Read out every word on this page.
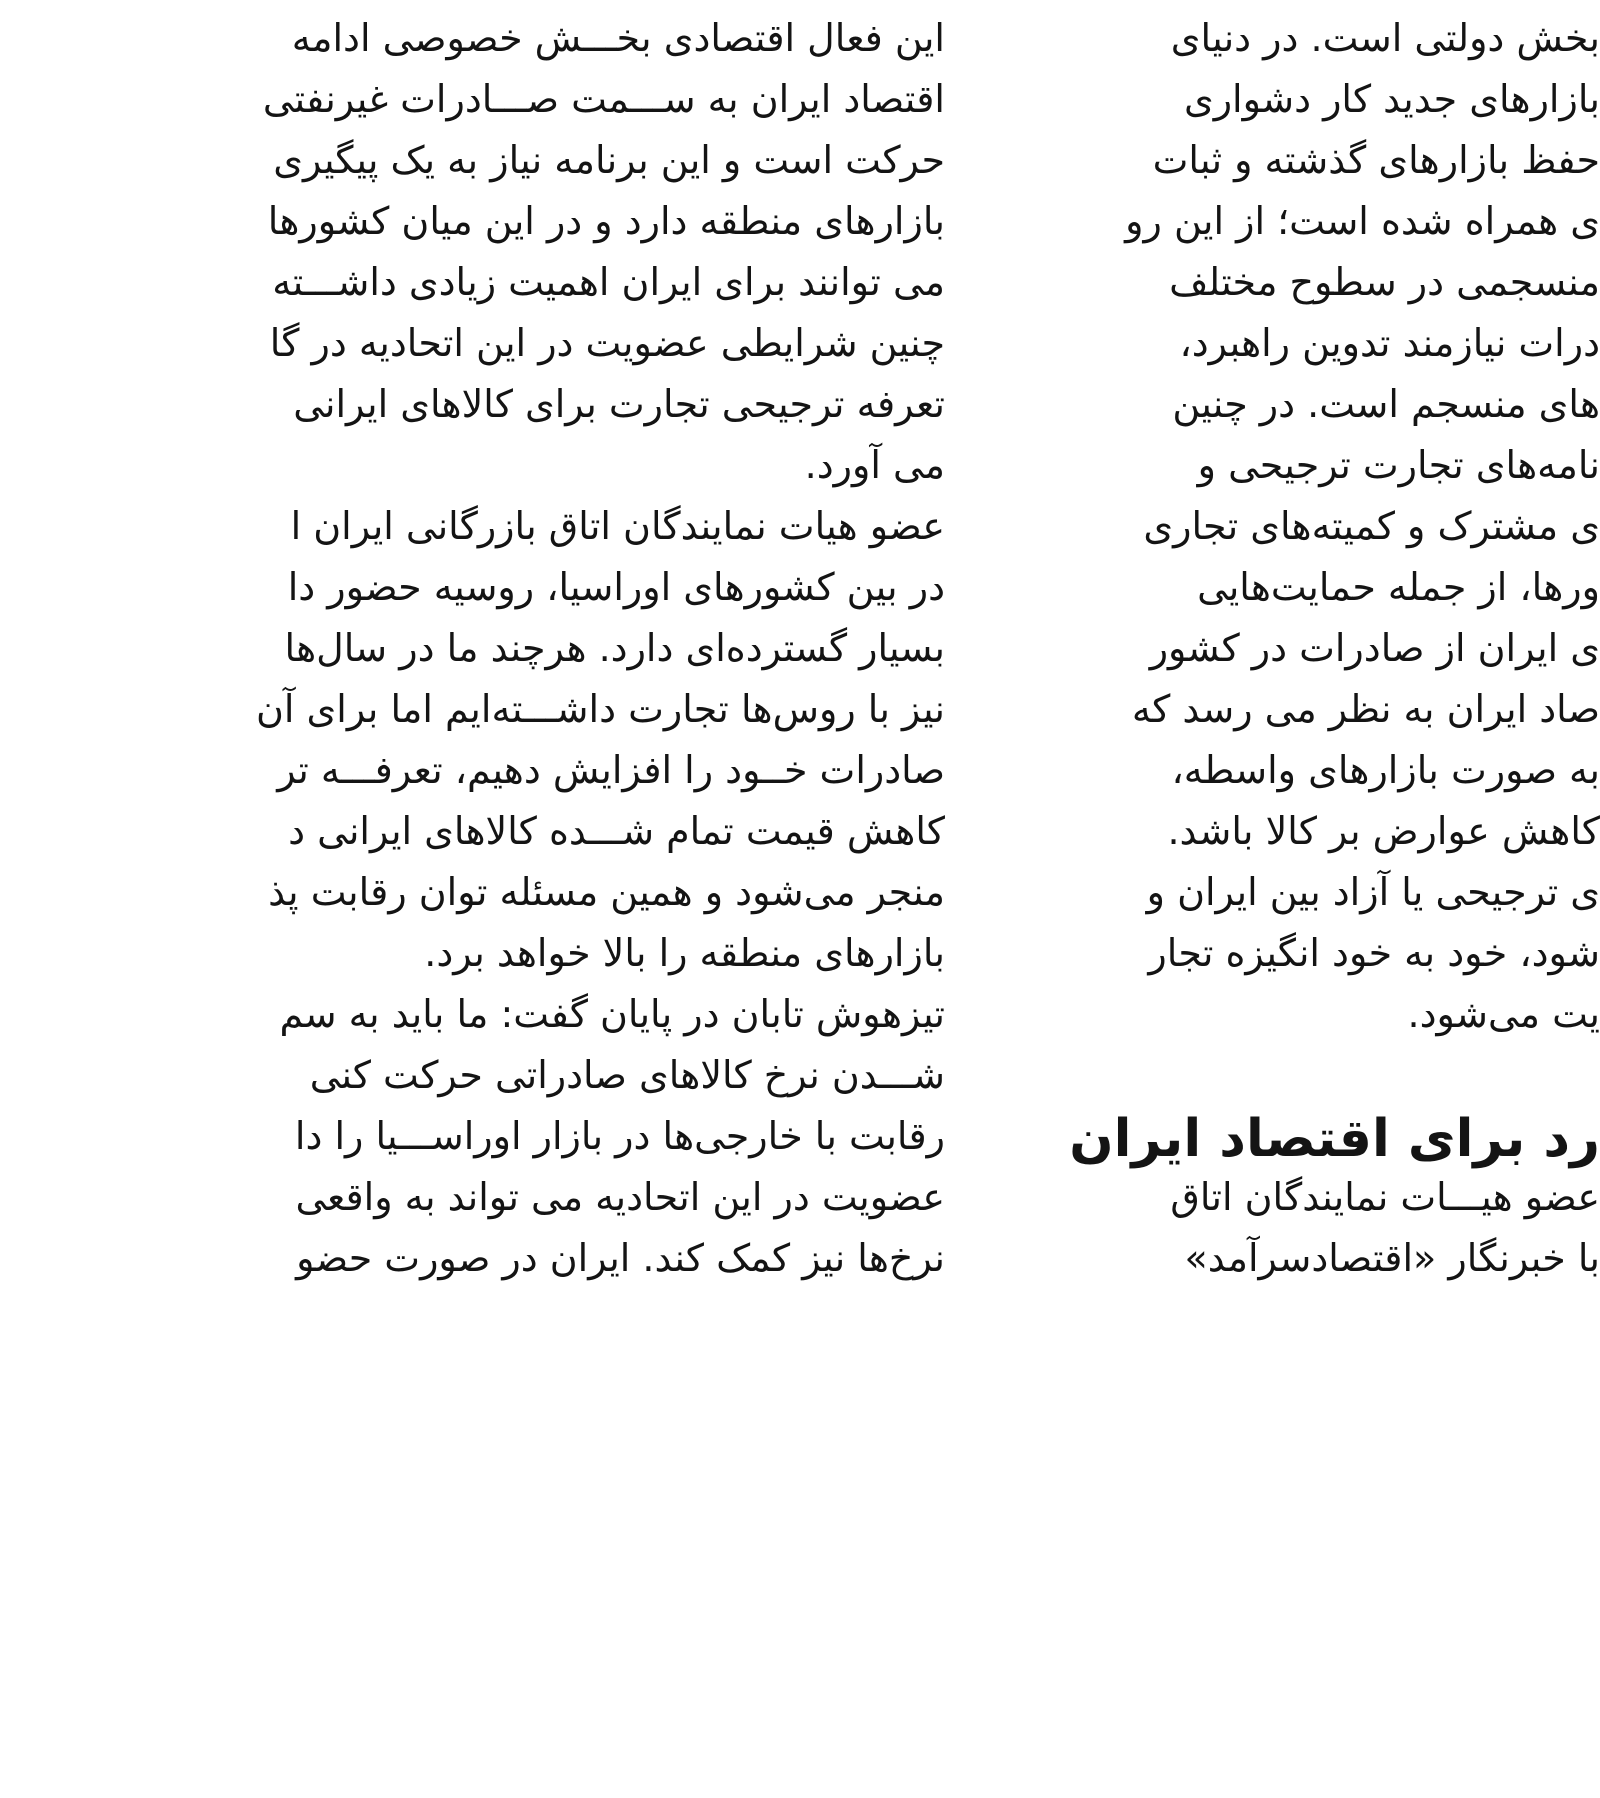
این فعال اقتصادی بخـــش خصوصی ادامه
اقتصاد ایران به ســـمت صـــادرات غیرنفتی
حرکت است و این برنامه نیاز به یک پیگیری
بازارهای منطقه دارد و در این میان کشورها
می توانند برای ایران اهمیت زیادی داشـــته
چنین شرایطی عضویت در این اتحادیه در گا
تعرفه ترجیحی تجارت برای کالاهای ایرانی
می آورد.
عضو هیات نمایندگان اتاق بازرگانی ایران ا
در بین کشورهای اوراسیا، روسیه حضور دا
بسیار گسترده‌ای دارد. هرچند ما در سال‌ها
نیز با روس‌ها تجارت داشـــته‌ایم اما برای آن
صادرات خــود را افزایش دهیم، تعرفـــه تر
کاهش قیمت تمام شـــده کالاهای ایرانی د
منجر می‌شود و همین مسئله توان رقابت پذ
بازارهای منطقه را بالا خواهد برد.
تیزهوش تابان در پایان گفت: ما باید به سم
شـــدن نرخ کالاهای صادراتی حرکت کنی
رقابت با خارجی‌ها در بازار اوراســـیا را دا
عضویت در این اتحادیه می تواند به واقعی
نرخ‌ها نیز کمک کند. ایران در صورت حضو
بخش دولتی است. در دنیای
بازارهای جدید کار دشواری
حفظ بازارهای گذشته و ثبات
ی همراه شده است؛ از این رو
منسجمی در سطوح مختلف
درات نیازمند تدوین راهبرد،
های منسجم است. در چنین
نامه‌های تجارت ترجیحی و
ی مشترک و کمیته‌های تجاری
ورها، از جمله حمایت‌هایی
ی ایران از صادرات در کشور
صاد ایران به نظر می رسد که
به صورت بازارهای واسطه،
کاهش عوارض بر کالا باشد.
ی ترجیحی یا آزاد بین ایران و
شود، خود به خود انگیزه تجار
یت می‌شود.
رد برای اقتصاد ایران
عضو هیـــات نمایندگان اتاق
با خبرنگار «اقتصادسرآمد»
